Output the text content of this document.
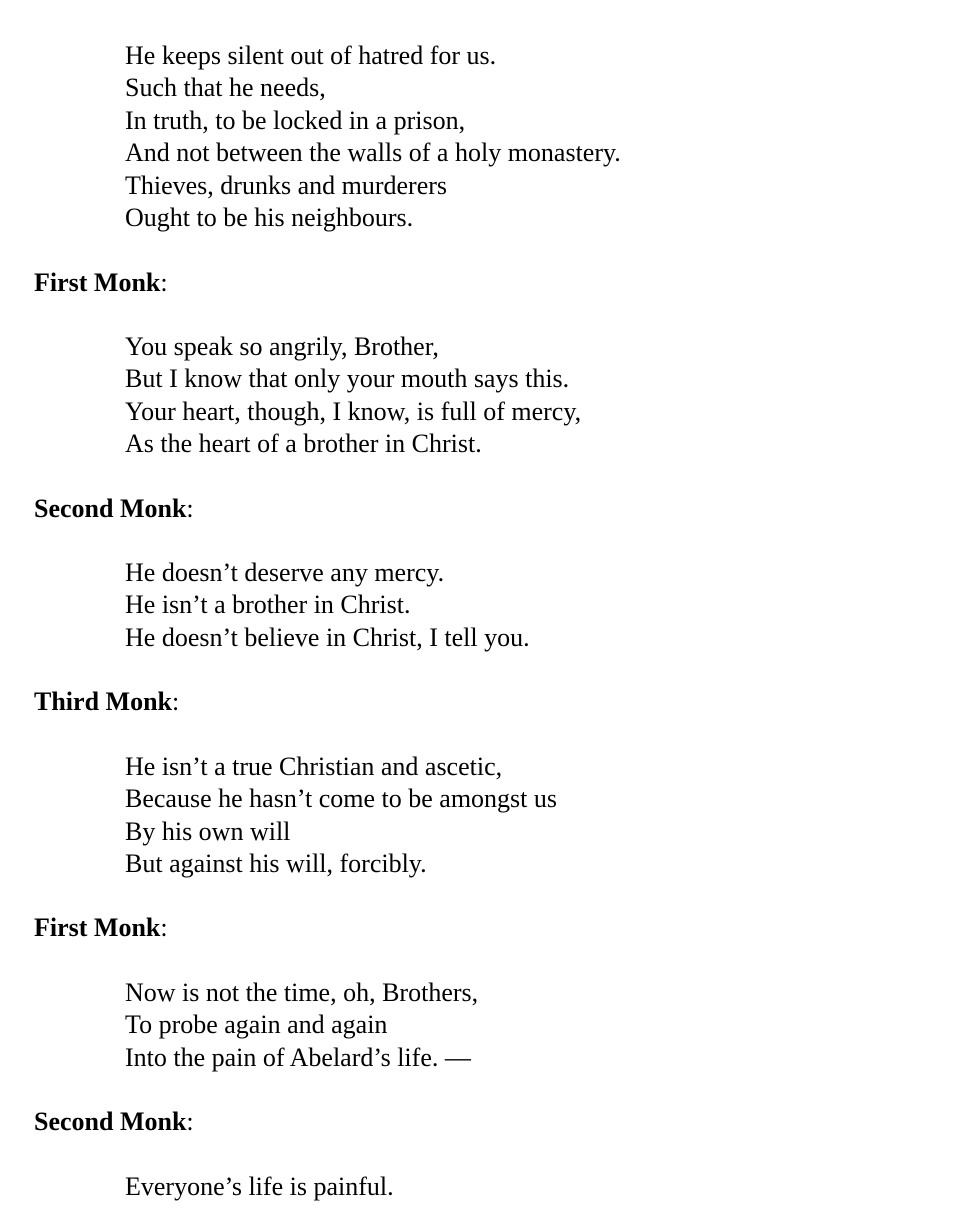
He keeps silent out of hatred for us.
Such that he needs,
In truth, to be locked in a prison,
And not between the walls of a holy monastery.
Thieves, drunks and murderers
Ought to be his neighbours.
First Monk:
You speak so angrily, Brother,
But I know that only your mouth says this.
Your heart, though, I know, is full of mercy,
As the heart of a brother in Christ.
Second Monk:
He doesn’t deserve any mercy.
He isn’t a brother in Christ.
He doesn’t believe in Christ, I tell you.
Third Monk:
He isn’t a true Christian and ascetic,
Because he hasn’t come to be amongst us
By his own will
But against his will, forcibly.
First Monk:
Now is not the time, oh, Brothers,
To probe again and again
Into the pain of Abelard’s life. —
Second Monk:
Everyone’s life is painful.
